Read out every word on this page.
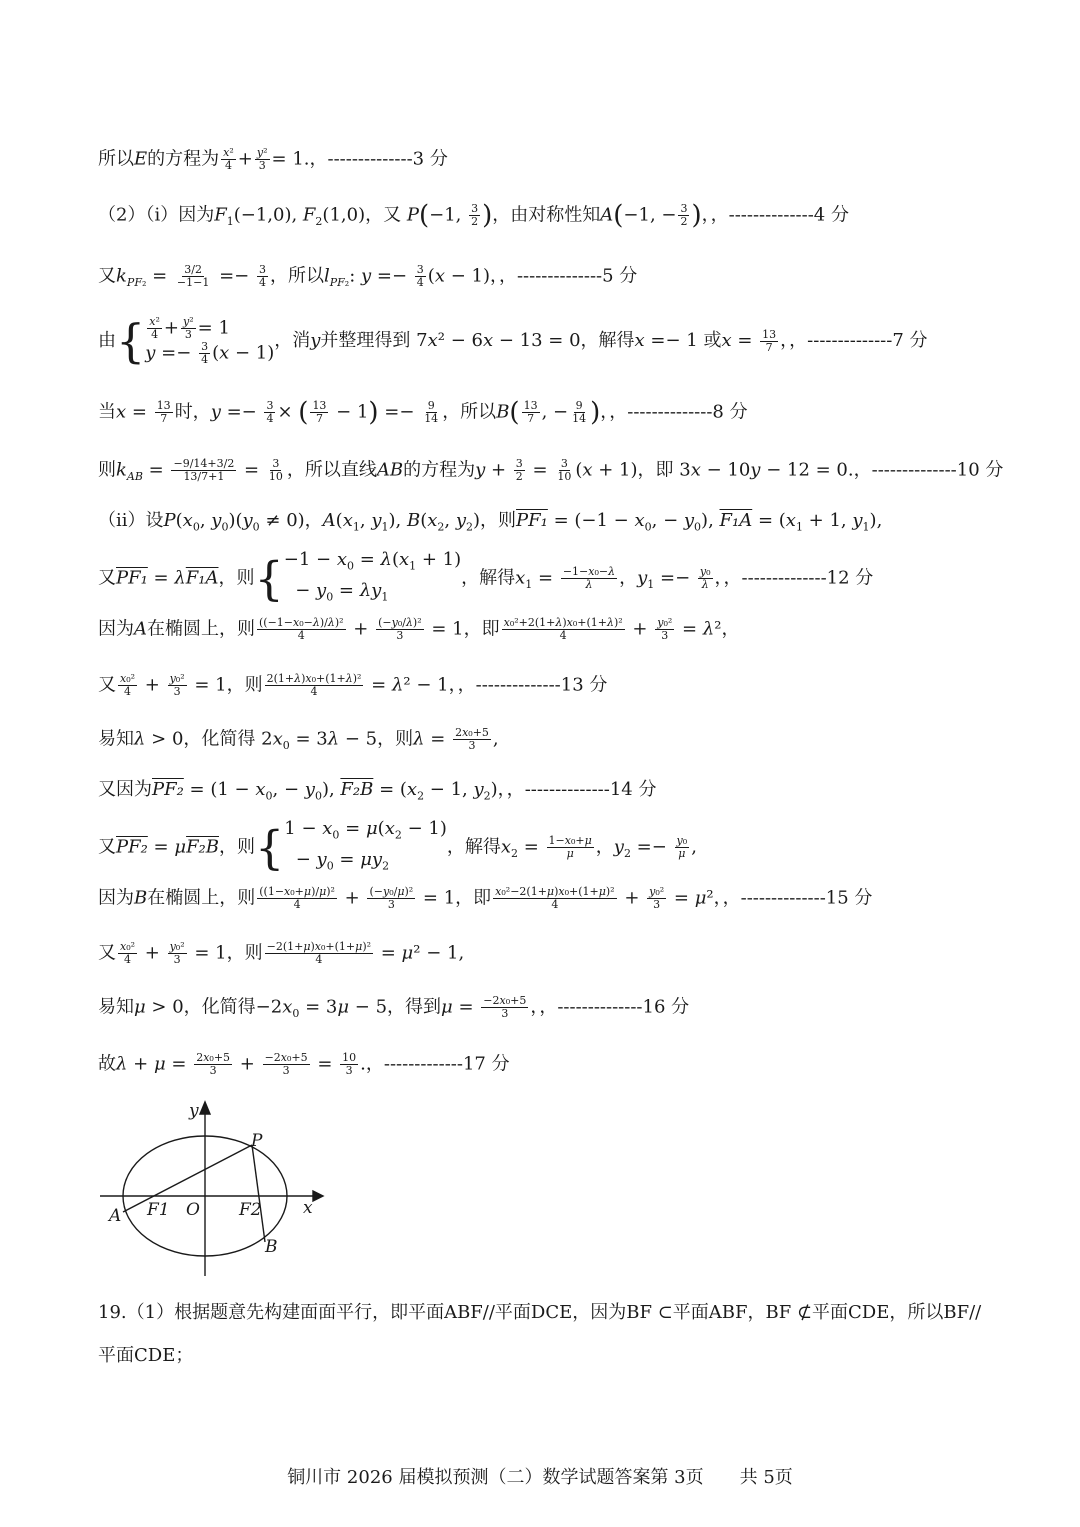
所以E的方程为 $\frac{\text{x²}}{4} + \frac{\text{y²}}{3} = 1$.，--------------3 分
（2）（i）因为$F_1(-1,0)$, $F_2(1,0)$，又 P(−1, $\frac{3}{2}$ )，由对称性知A(−1, − $\frac{3}{2}$ )，，--------------4 分
又$k_{PF_2} = \frac{3/2}{-1-1} =- \frac{3}{4}$ ，所以$l_{PF_2}$: $y =- \frac{3}{4} (x - 1)$，，--------------5 分
由{ $\frac{\text{x²}}{4} + \frac{\text{y²}}{3} = 1$
$y =- \frac{3}{4} (x - 1)$
，消y并整理得到 7x² − 6x − 13 = 0，解得x =− 1 或$x = \frac{13}{7}$ ，，--------------7 分
当$x = \frac{13}{7}$ 时，$y =- \frac{3}{4}$ × ( $\frac{13}{7} - 1) =- \frac{9}{14}$ ，所以$B( \frac{13}{7}$ , − $\frac{9}{14}$ )，，--------------8 分
则$k_{AB} = \frac{-9/14+3/2}{13/7+1} = \frac{3}{10}$ ，所以直线AB的方程为$y + \frac{3}{2} = \frac{3}{10} (x + 1)$，即 3x − 10y − 12 = 0.，--------------10 分
（ii）设$P(x_0$, $y_0)(y_0 \ne 0)$，$A(x_1$, $y_1$), $B(x_2$, $y_2$)，则$PF_1 = (-1 - x_0$, − $y_0$), $F_1A = (x_1 + 1$, $y_1$),
又PF₁ = λF₁A，则{ $-1 - x_0 = \lambda(x_1 + 1)$
− $y_0 = \lambda y_1$
，解得$x_1 = \frac{\text{−1−x₀−λ}}{\lambda}$ ，$y_1 =- \frac{\text{y₀}}{\lambda}$ ，，--------------12 分
因为A在椭圆上，则 $\frac{\text{((−1−x₀−λ)/λ)²}}{4} + \frac{\text{(−y₀/λ)²}}{3} = 1$，即 $\frac{\text{x₀²+2(1+λ)x₀+(1+λ)²}}{4} + \frac{\text{y₀²}}{3} = \lambda^2$，
又 $\frac{\text{x₀²}}{4} + \frac{\text{y₀²}}{3} = 1$，则 $\frac{\text{2(1+λ)x₀+(1+λ)²}}{4} = \lambda^2 - 1$，，--------------13 分
易知λ > 0，化简得 $2x_0 = 3\lambda - 5$，则$\lambda = \frac{\text{2x₀+5}}{3}$ ,
又因为$PF_2 = (1 - x_0$, − $y_0$), $F_2B = (x_2 - 1$, $y_2$)，，--------------14 分
又PF₂ = μF₂B，则{ $1 - x_0 = \mu(x_2 - 1)$
− $y_0 = \mu y_2$
，解得$x_2 = \frac{\text{1−x₀+μ}}{\mu}$ ，$y_2 =- \frac{\text{y₀}}{\mu}$ ,
因为B在椭圆上，则 $\frac{\text{((1−x₀+μ)/μ)²}}{4} + \frac{\text{(−y₀/μ)²}}{3} = 1$，即 $\frac{\text{x₀²−2(1+μ)x₀+(1+μ)²}}{4} + \frac{\text{y₀²}}{3} = \mu^2$，，--------------15 分
又 $\frac{\text{x₀²}}{4} + \frac{\text{y₀²}}{3} = 1$，则 $\frac{\text{−2(1+μ)x₀+(1+μ)²}}{4} = \mu^2 - 1$,
易知μ > 0，化简得$-2x_0 = 3\mu - 5$，得到$\mu = \frac{\text{−2x₀+5}}{3}$ ，，--------------16 分
故$\lambda + \mu = \frac{\text{2x₀+5}}{3} + \frac{\text{−2x₀+5}}{3} = \frac{10}{3}$ .，-------------17 分
y
P
A F1 O F2 x
B
19.（1）根据题意先构建面面平行，即平面ABF//平面DCE，因为BF ⊂平面ABF，BF ⊄平面CDE，所以BF//
平面CDE；
铜川市 2026 届模拟预测（二）数学试题答案第 3页　　共 5页
